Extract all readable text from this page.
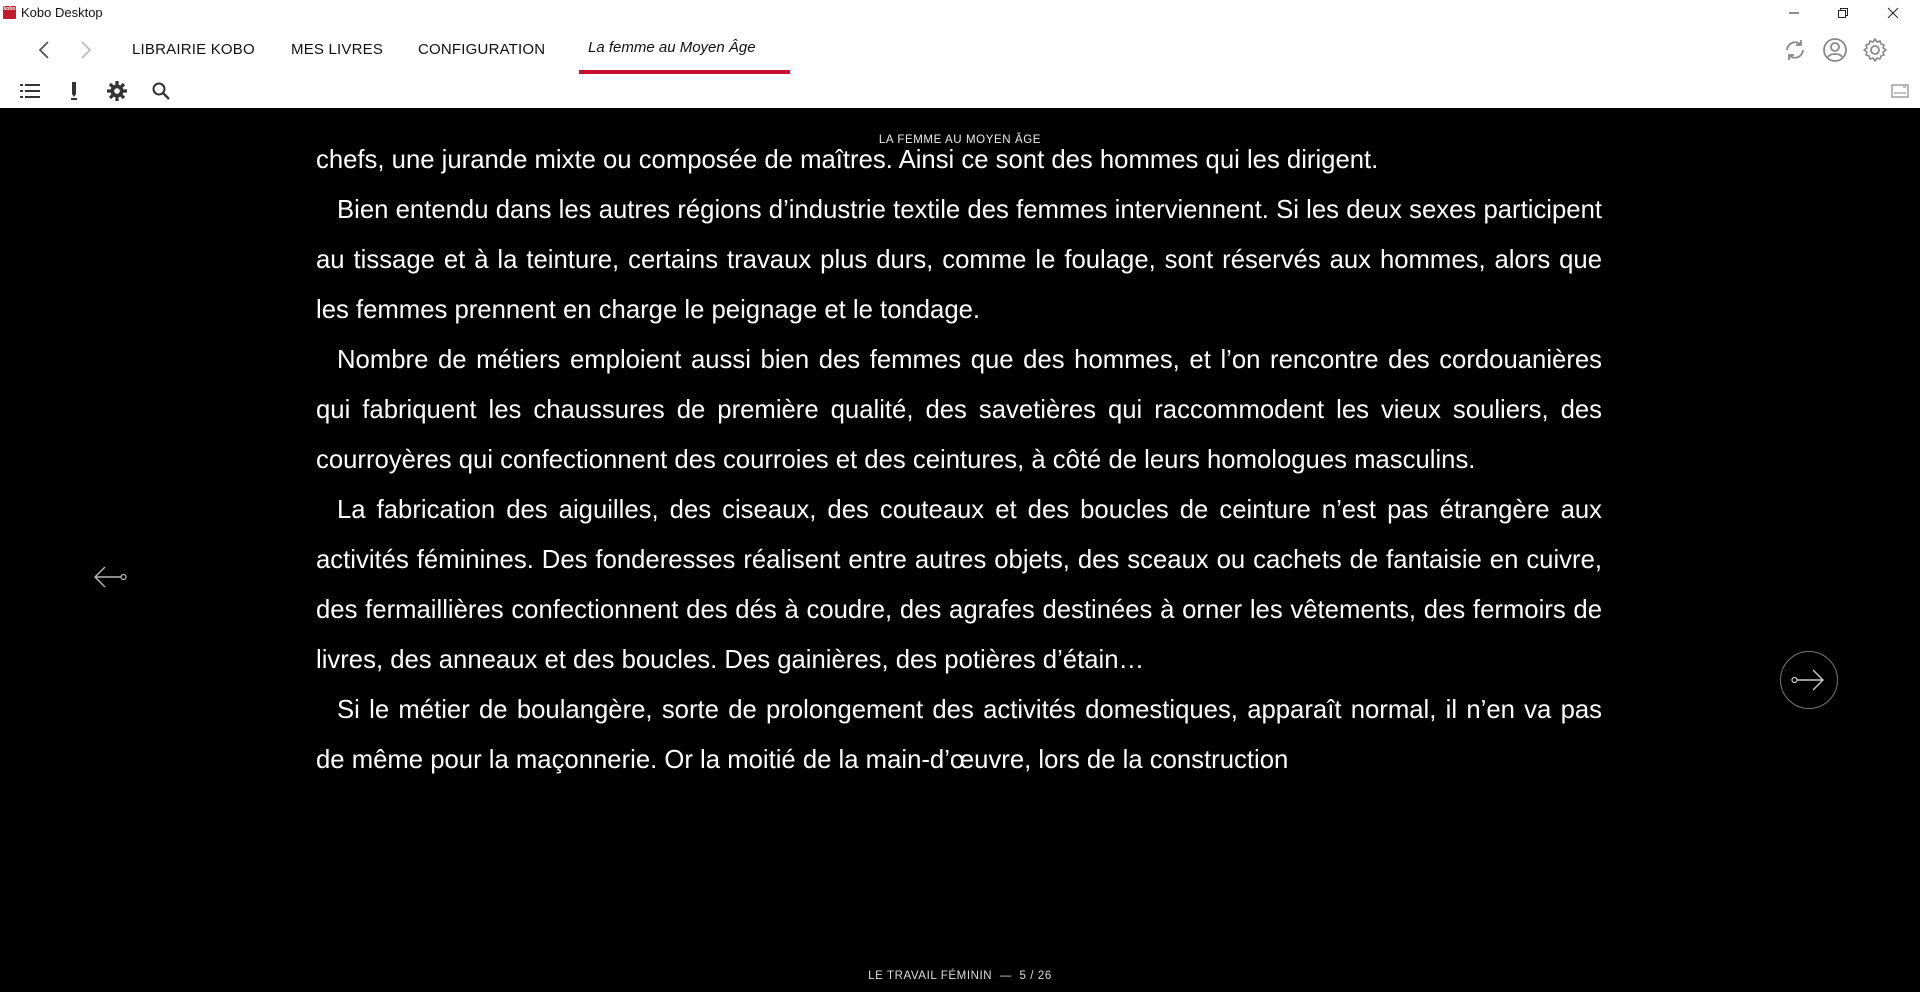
kobo Kobo Desktop
LIBRAIRIE KOBO MES LIVRES CONFIGURATION	La femme au Moyen Âge
LA FEMME AU MOYEN ÂGE

chefs, une jurande mixte ou composée de maîtres. Ainsi ce sont des hommes qui les dirigent.

Bien entendu dans les autres régions d’industrie textile des femmes interviennent. Si les deux sexes participent au tissage et à la teinture, certains travaux plus durs, comme le foulage, sont réservés aux hommes, alors que les femmes prennent en charge le peignage et le tondage.

Nombre de métiers emploient aussi bien des femmes que des hommes, et l’on rencontre des cordouanières qui fabriquent les chaussures de première qualité, des savetières qui raccommodent les vieux souliers, des courroyères qui confectionnent des courroies et des ceintures, à côté de leurs homologues masculins.

La fabrication des aiguilles, des ciseaux, des couteaux et des boucles de ceinture n’est pas étrangère aux activités féminines. Des fonderesses réalisent entre autres objets, des sceaux ou cachets de fantaisie en cuivre, des fermaillières confectionnent des dés à coudre, des agrafes destinées à orner les vêtements, des fermoirs de livres, des anneaux et des boucles. Des gainières, des potières d’étain…

Si le métier de boulangère, sorte de prolongement des activités domestiques, apparaît normal, il n’en va pas de même pour la maçonnerie. Or la moitié de la main-d’œuvre, lors de la construction

LE TRAVAIL FÉMININ — 5 / 26
